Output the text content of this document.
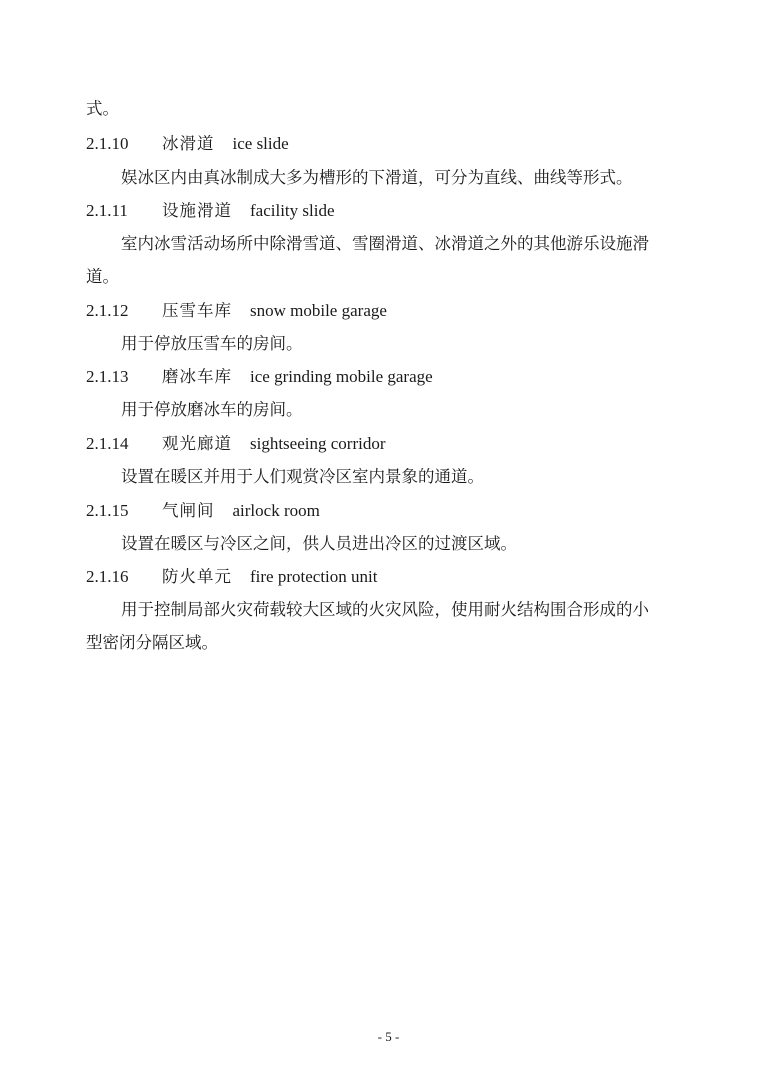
式。
2.1.10 冰滑道 ice slide
娱冰区内由真冰制成大多为槽形的下滑道，可分为直线、曲线等形式。
2.1.11 设施滑道 facility slide
室内冰雪活动场所中除滑雪道、雪圈滑道、冰滑道之外的其他游乐设施滑
道。
2.1.12 压雪车库 snow mobile garage
用于停放压雪车的房间。
2.1.13 磨冰车库 ice grinding mobile garage
用于停放磨冰车的房间。
2.1.14 观光廊道 sightseeing corridor
设置在暖区并用于人们观赏冷区室内景象的通道。
2.1.15 气闸间 airlock room
设置在暖区与冷区之间，供人员进出冷区的过渡区域。
2.1.16 防火单元 fire protection unit
用于控制局部火灾荷载较大区域的火灾风险，使用耐火结构围合形成的小
型密闭分隔区域。
- 5 -
